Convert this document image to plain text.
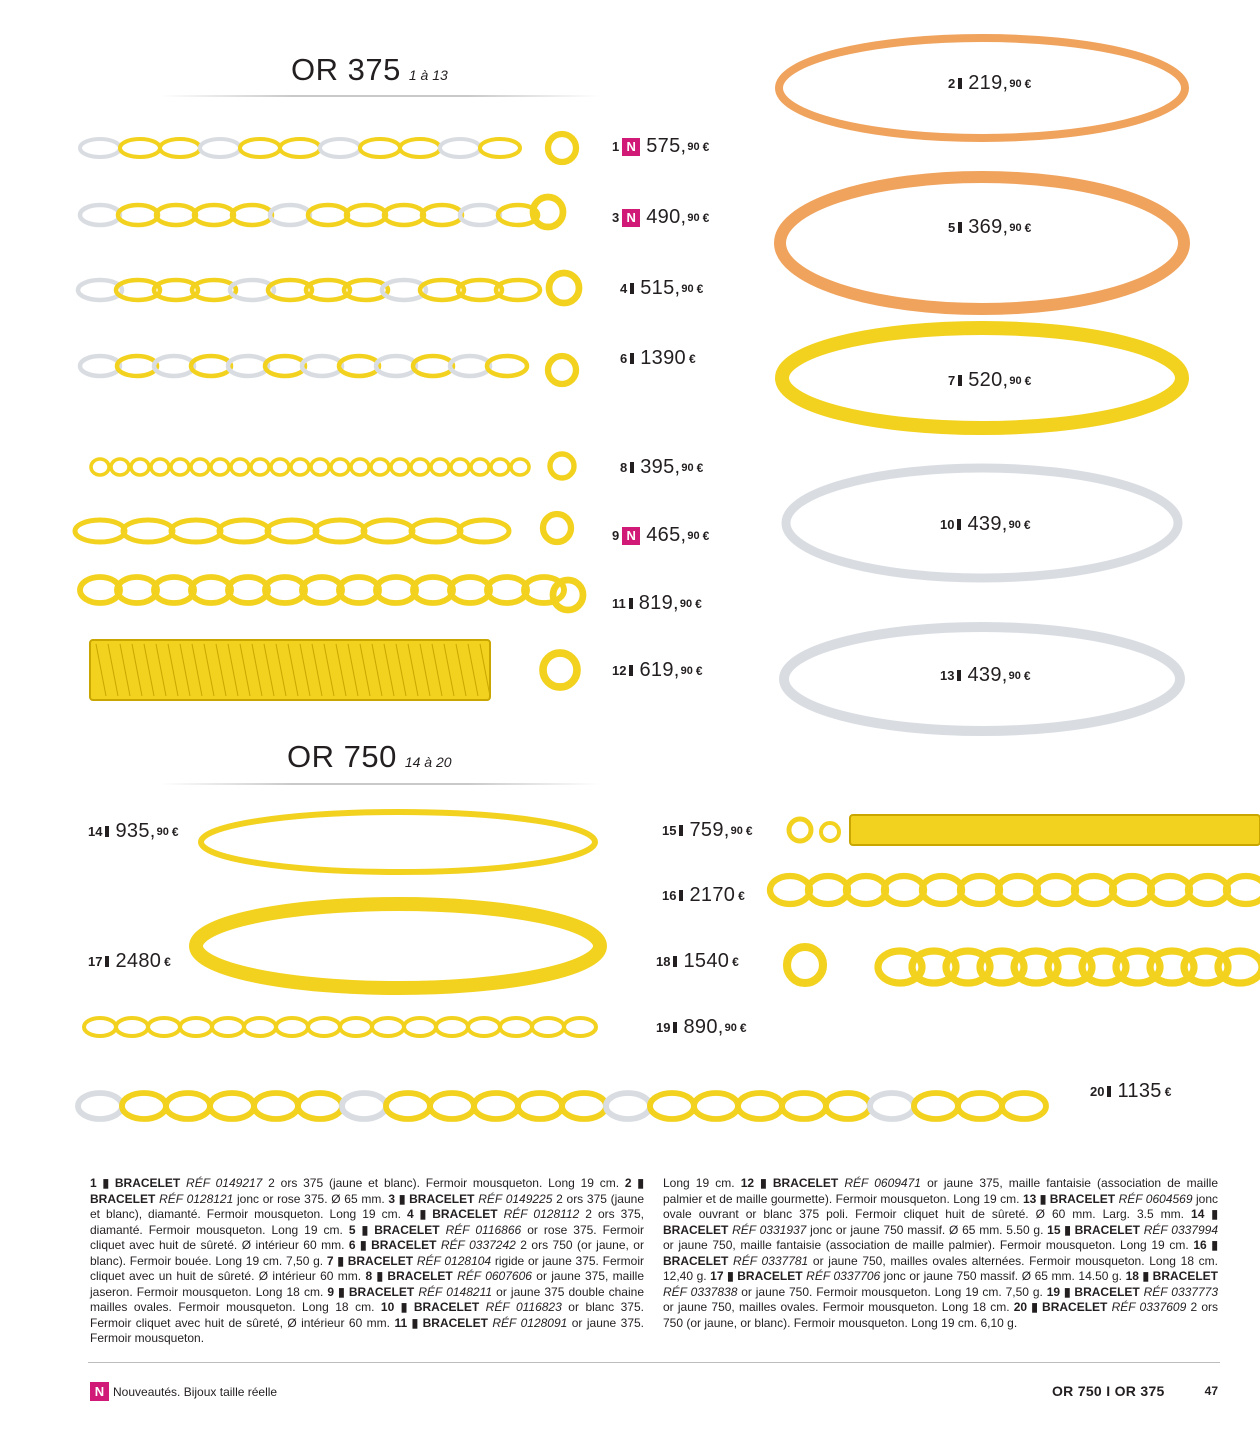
OR 375 1 à 13
OR 750 14 à 20
1 N 575, 90 €
2 219, 90 €
3 N 490, 90 €
4 515, 90 €
5 369, 90 €
6 1390 €
7 520, 90 €
8 395, 90 €
9 N 465, 90 €
10 439, 90 €
11 819, 90 €
12 619, 90 €	13 439, 90 €
14 935, 90 €	15 759, 90 €
16 2170 €
17 2480 €	18 1540 €
19 890, 90 €
20 1135 €
1 ▮ BRACELET RÉF 0149217 2 ors 375 (jaune et blanc). Fermoir mousqueton. Long 19 cm. 2 ▮ BRACELET RÉF 0128121 jonc or rose 375. Ø 65 mm. 3 ▮ BRACELET RÉF 0149225 2 ors 375 (jaune et blanc), diamanté. Fermoir mousqueton. Long 19 cm. 4 ▮ BRACELET RÉF 0128112 2 ors 375, diamanté. Fermoir mousqueton. Long 19 cm. 5 ▮ BRACELET RÉF 0116866 or rose 375. Fermoir cliquet avec huit de sûreté. Ø intérieur 60 mm. 6 ▮ BRACELET RÉF 0337242 2 ors 750 (or jaune, or blanc). Fermoir bouée. Long 19 cm. 7,50 g. 7 ▮ BRACELET RÉF 0128104 rigide or jaune 375. Fermoir cliquet avec un huit de sûreté. Ø intérieur 60 mm. 8 ▮ BRACELET RÉF 0607606 or jaune 375, maille jaseron. Fermoir mousqueton. Long 18 cm. 9 ▮ BRACELET RÉF 0148211 or jaune 375 double chaine mailles ovales. Fermoir mousqueton. Long 18 cm. 10 ▮ BRACELET RÉF 0116823 or blanc 375. Fermoir cliquet avec huit de sûreté, Ø intérieur 60 mm. 11 ▮ BRACELET RÉF 0128091 or jaune 375. Fermoir mousqueton.
Long 19 cm. 12 ▮ BRACELET RÉF 0609471 or jaune 375, maille fantaisie (association de maille palmier et de maille gourmette). Fermoir mousqueton. Long 19 cm. 13 ▮ BRACELET RÉF 0604569 jonc ovale ouvrant or blanc 375 poli. Fermoir cliquet huit de sûreté. Ø 60 mm. Larg. 3.5 mm. 14 ▮ BRACELET RÉF 0331937 jonc or jaune 750 massif. Ø 65 mm. 5.50 g. 15 ▮ BRACELET RÉF 0337994 or jaune 750, maille fantaisie (association de maille palmier). Fermoir mousqueton. Long 19 cm. 16 ▮ BRACELET RÉF 0337781 or jaune 750, mailles ovales alternées. Fermoir mousqueton. Long 18 cm. 12,40 g. 17 ▮ BRACELET RÉF 0337706 jonc or jaune 750 massif. Ø 65 mm. 14.50 g. 18 ▮ BRACELET RÉF 0337838 or jaune 750. Fermoir mousqueton. Long 19 cm. 7,50 g. 19 ▮ BRACELET RÉF 0337773 or jaune 750, mailles ovales. Fermoir mousqueton. Long 18 cm. 20 ▮ BRACELET RÉF 0337609 2 ors 750 (or jaune, or blanc). Fermoir mousqueton. Long 19 cm. 6,10 g.
N Nouveautés. Bijoux taille réelle	OR 750 I OR 375	47
